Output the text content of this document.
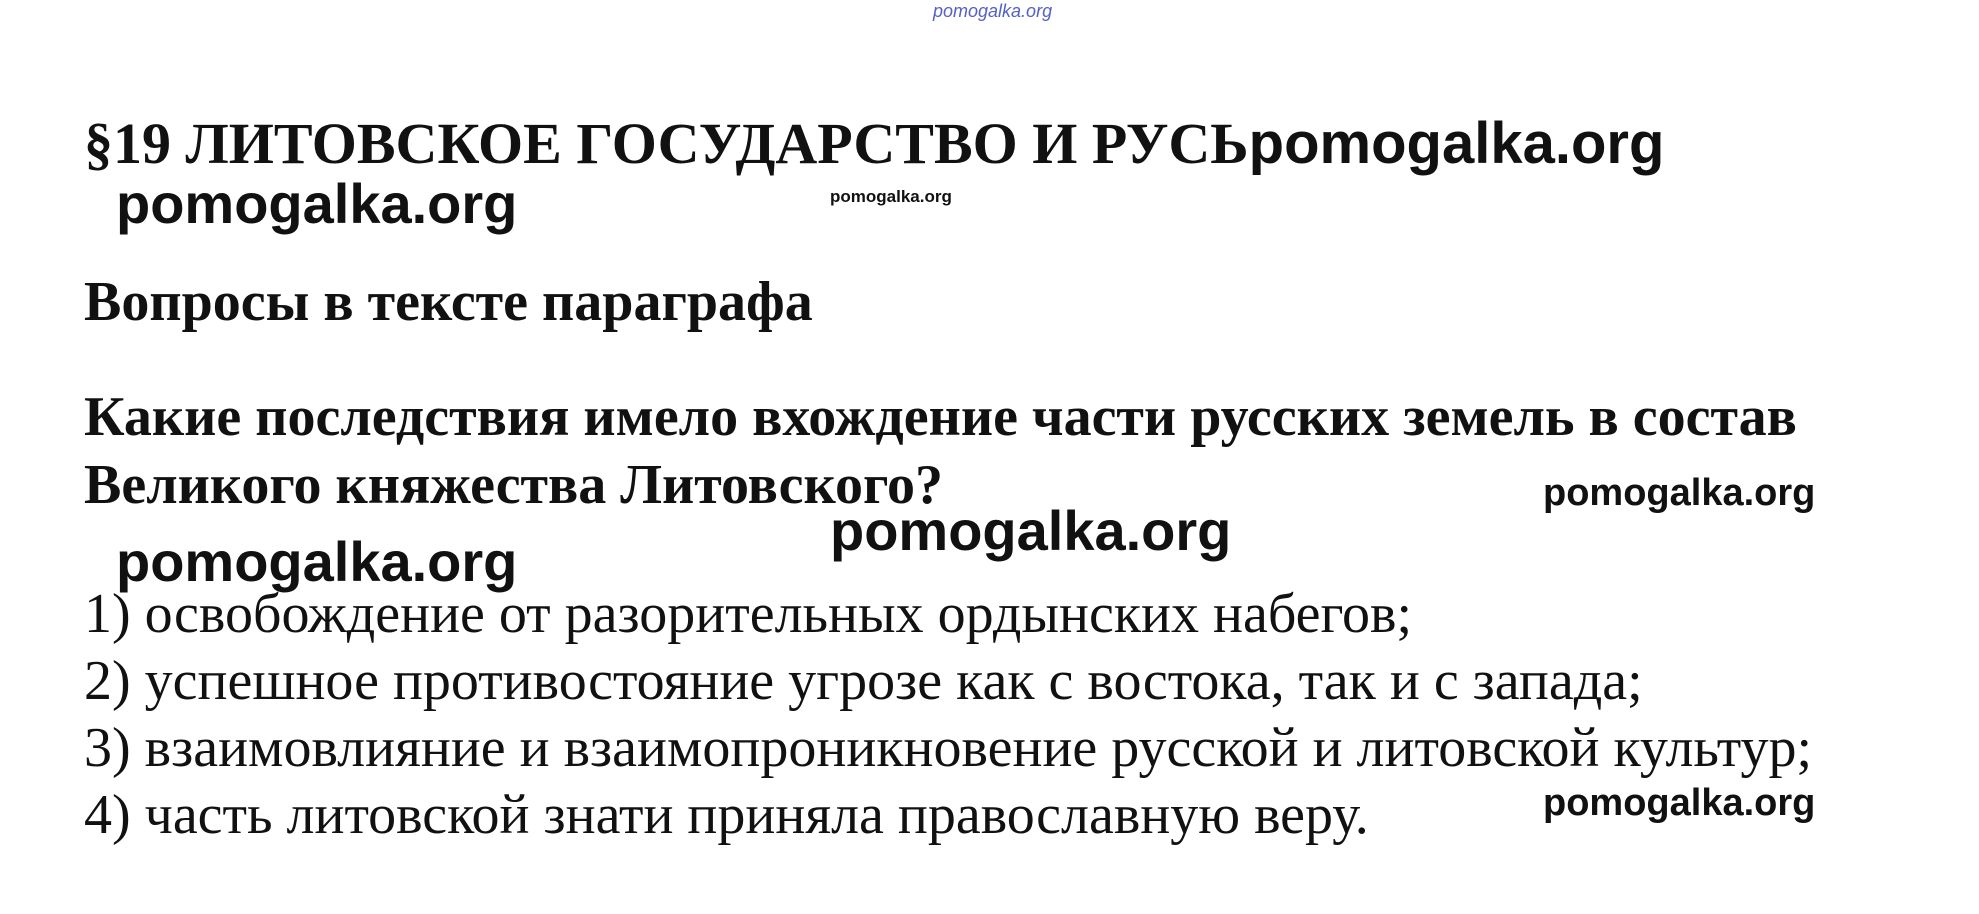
pomogalka.org
§19 ЛИТОВСКОЕ ГОСУДАРСТВО И РУСЬpomogalka.org
pomogalka.org	pomogalka.org
Вопросы в тексте параграфа
Какие последствия имело вхождение части русских земель в состав Великого княжества Литовского?	pomogalka.org
pomogalka.org
pomogalka.org
1) освобождение от разорительных ордынских набегов;
2) успешное противостояние угрозе как с востока, так и с запада;
3) взаимовлияние и взаимопроникновение русской и литовской культур;
4) часть литовской знати приняла православную веру.	pomogalka.org
